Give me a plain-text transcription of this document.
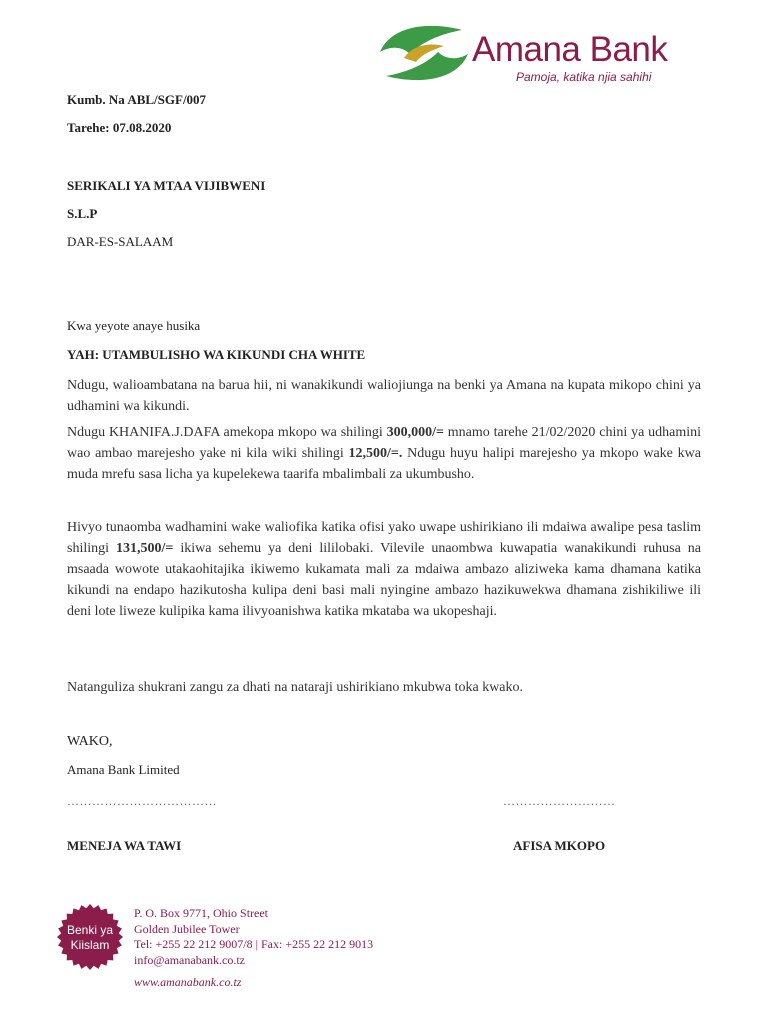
Amana Bank
Pamoja, katika njia sahihi
Kumb. Na ABL/SGF/007
Tarehe: 07.08.2020
SERIKALI YA MTAA VIJIBWENI
S.L.P
DAR-ES-SALAAM
Kwa yeyote anaye husika
YAH: UTAMBULISHO WA KIKUNDI CHA WHITE
Ndugu, walioambatana na barua hii, ni wanakikundi waliojiunga na benki ya Amana na kupata mikopo chini ya udhamini wa kikundi.
Ndugu KHANIFA.J.DAFA amekopa mkopo wa shilingi 300,000/= mnamo tarehe 21/02/2020 chini ya udhamini wao ambao marejesho yake ni kila wiki shilingi 12,500/=. Ndugu huyu halipi marejesho ya mkopo wake kwa muda mrefu sasa licha ya kupelekewa taarifa mbalimbali za ukumbusho.
Hivyo tunaomba wadhamini wake waliofika katika ofisi yako uwape ushirikiano ili mdaiwa awalipe pesa taslim shilingi 131,500/= ikiwa sehemu ya deni lililobaki. Vilevile unaombwa kuwapatia wanakikundi ruhusa na msaada wowote utakaohitajika ikiwemo kukamata mali za mdaiwa ambazo aliziweka kama dhamana katika kikundi na endapo hazikutosha kulipa deni basi mali nyingine ambazo hazikuwekwa dhamana zishikiliwe ili deni lote liweze kulipika kama ilivyoanishwa katika mkataba wa ukopeshaji.
Natanguliza shukrani zangu za dhati na nataraji ushirikiano mkubwa toka kwako.
WAKO,
Amana Bank Limited
………………………………	………………………
MENEJA WA TAWI	AFISA MKOPO
Benki ya
Kiislam
P. O. Box 9771, Ohio Street
Golden Jubilee Tower
Tel: +255 22 212 9007/8 | Fax: +255 22 212 9013
info@amanabank.co.tz
www.amanabank.co.tz
